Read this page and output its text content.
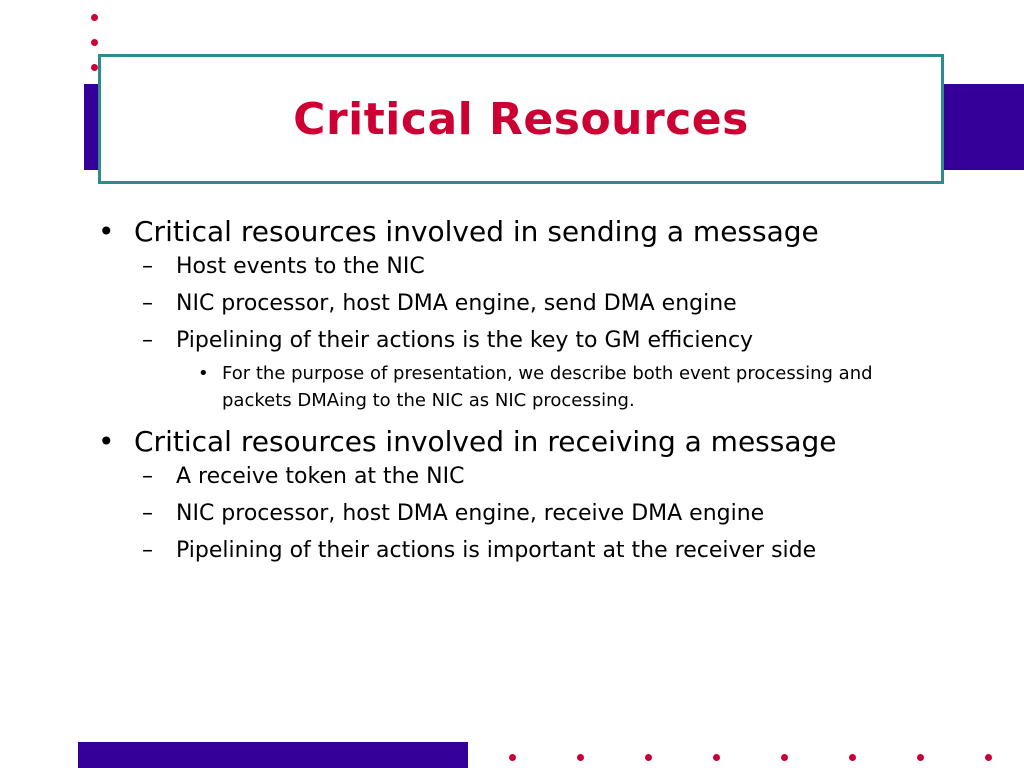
Critical Resources
• Critical resources involved in sending a message
– Host events to the NIC
– NIC processor, host DMA engine, send DMA engine
– Pipelining of their actions is the key to GM efficiency
• For the purpose of presentation, we describe both event processing and packets DMAing to the NIC as NIC processing.
• Critical resources involved in receiving a message
– A receive token at the NIC
– NIC processor, host DMA engine, receive DMA engine
– Pipelining of their actions is important at the receiver side
